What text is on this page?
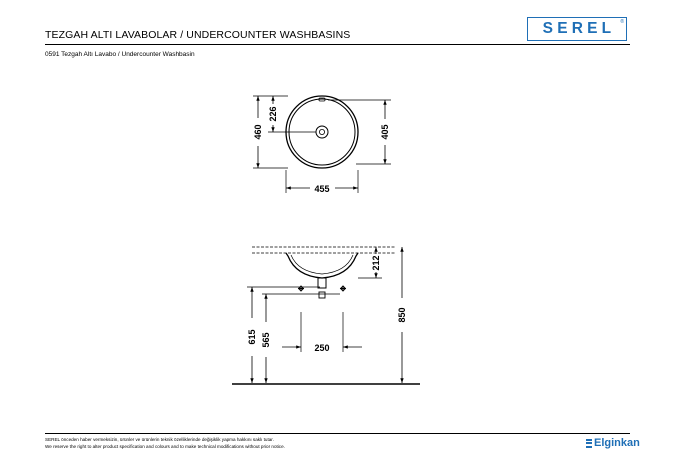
TEZGAH ALTI LAVABOLAR / UNDERCOUNTER WASHBASINS
0591 Tezgah Altı Lavabo / Undercounter Washbasin
SEREL ®
460
226
405
455
250
615 565
212
850
SEREL önceden haber vermeksizin, ürünler ve ürünlerin teknik özelliklerinde değişiklik yapma hakkını saklı tutar.
We reserve the right to alter product specification and colours and to make technical modifications without prior notice.	Elginkan
